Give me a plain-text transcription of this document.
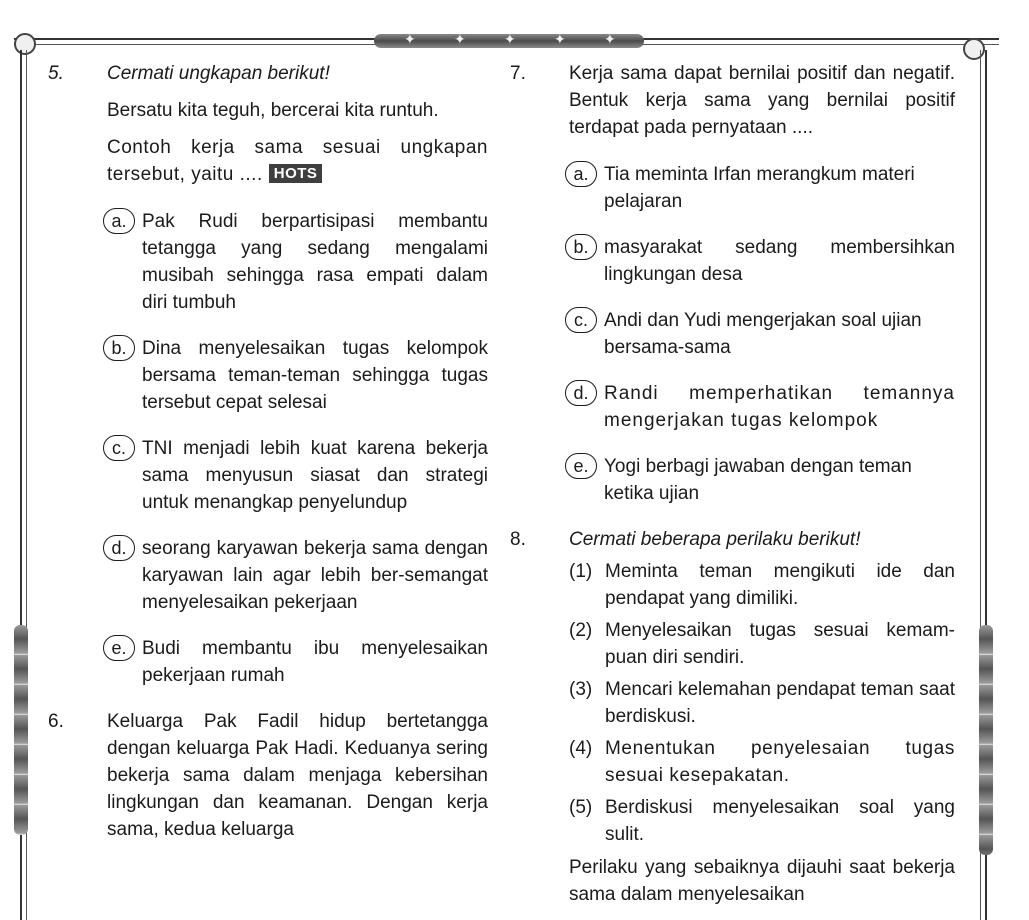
✦	✦	✦	✦	✦
5. Cermati ungkapan berikut!

Bersatu kita teguh, bercerai kita runtuh.

Contoh kerja sama sesuai ungkapan tersebut, yaitu .... HOTS

a. Pak Rudi berpartisipasi membantu tetangga yang sedang mengalami musibah sehingga rasa empati dalam diri tumbuh
b. Dina menyelesaikan tugas kelompok bersama teman-teman sehingga tugas tersebut cepat selesai
c. TNI menjadi lebih kuat karena bekerja sama menyusun siasat dan strategi untuk menangkap penyelundup
d. seorang karyawan bekerja sama dengan karyawan lain agar lebih ber-semangat menyelesaikan pekerjaan
e. Budi membantu ibu menyelesaikan pekerjaan rumah
6. Keluarga Pak Fadil hidup bertetangga dengan keluarga Pak Hadi. Keduanya sering bekerja sama dalam menjaga kebersihan lingkungan dan keamanan. Dengan kerja sama, kedua keluarga

7. Kerja sama dapat bernilai positif dan negatif. Bentuk kerja sama yang bernilai positif terdapat pada pernyataan ....

a. Tia meminta Irfan merangkum materi pelajaran
b. masyarakat sedang membersihkan lingkungan desa
c. Andi dan Yudi mengerjakan soal ujian bersama-sama
d. Randi memperhatikan temannya mengerjakan tugas kelompok
e. Yogi berbagi jawaban dengan teman ketika ujian
8. Cermati beberapa perilaku berikut!

(1) Meminta teman mengikuti ide dan pendapat yang dimiliki.
(2) Menyelesaikan tugas sesuai kemam-puan diri sendiri.
(3) Mencari kelemahan pendapat teman saat berdiskusi.
(4) Menentukan penyelesaian tugas sesuai kesepakatan.
(5) Berdiskusi menyelesaikan soal yang sulit.

Perilaku yang sebaiknya dijauhi saat bekerja sama dalam menyelesaikan
